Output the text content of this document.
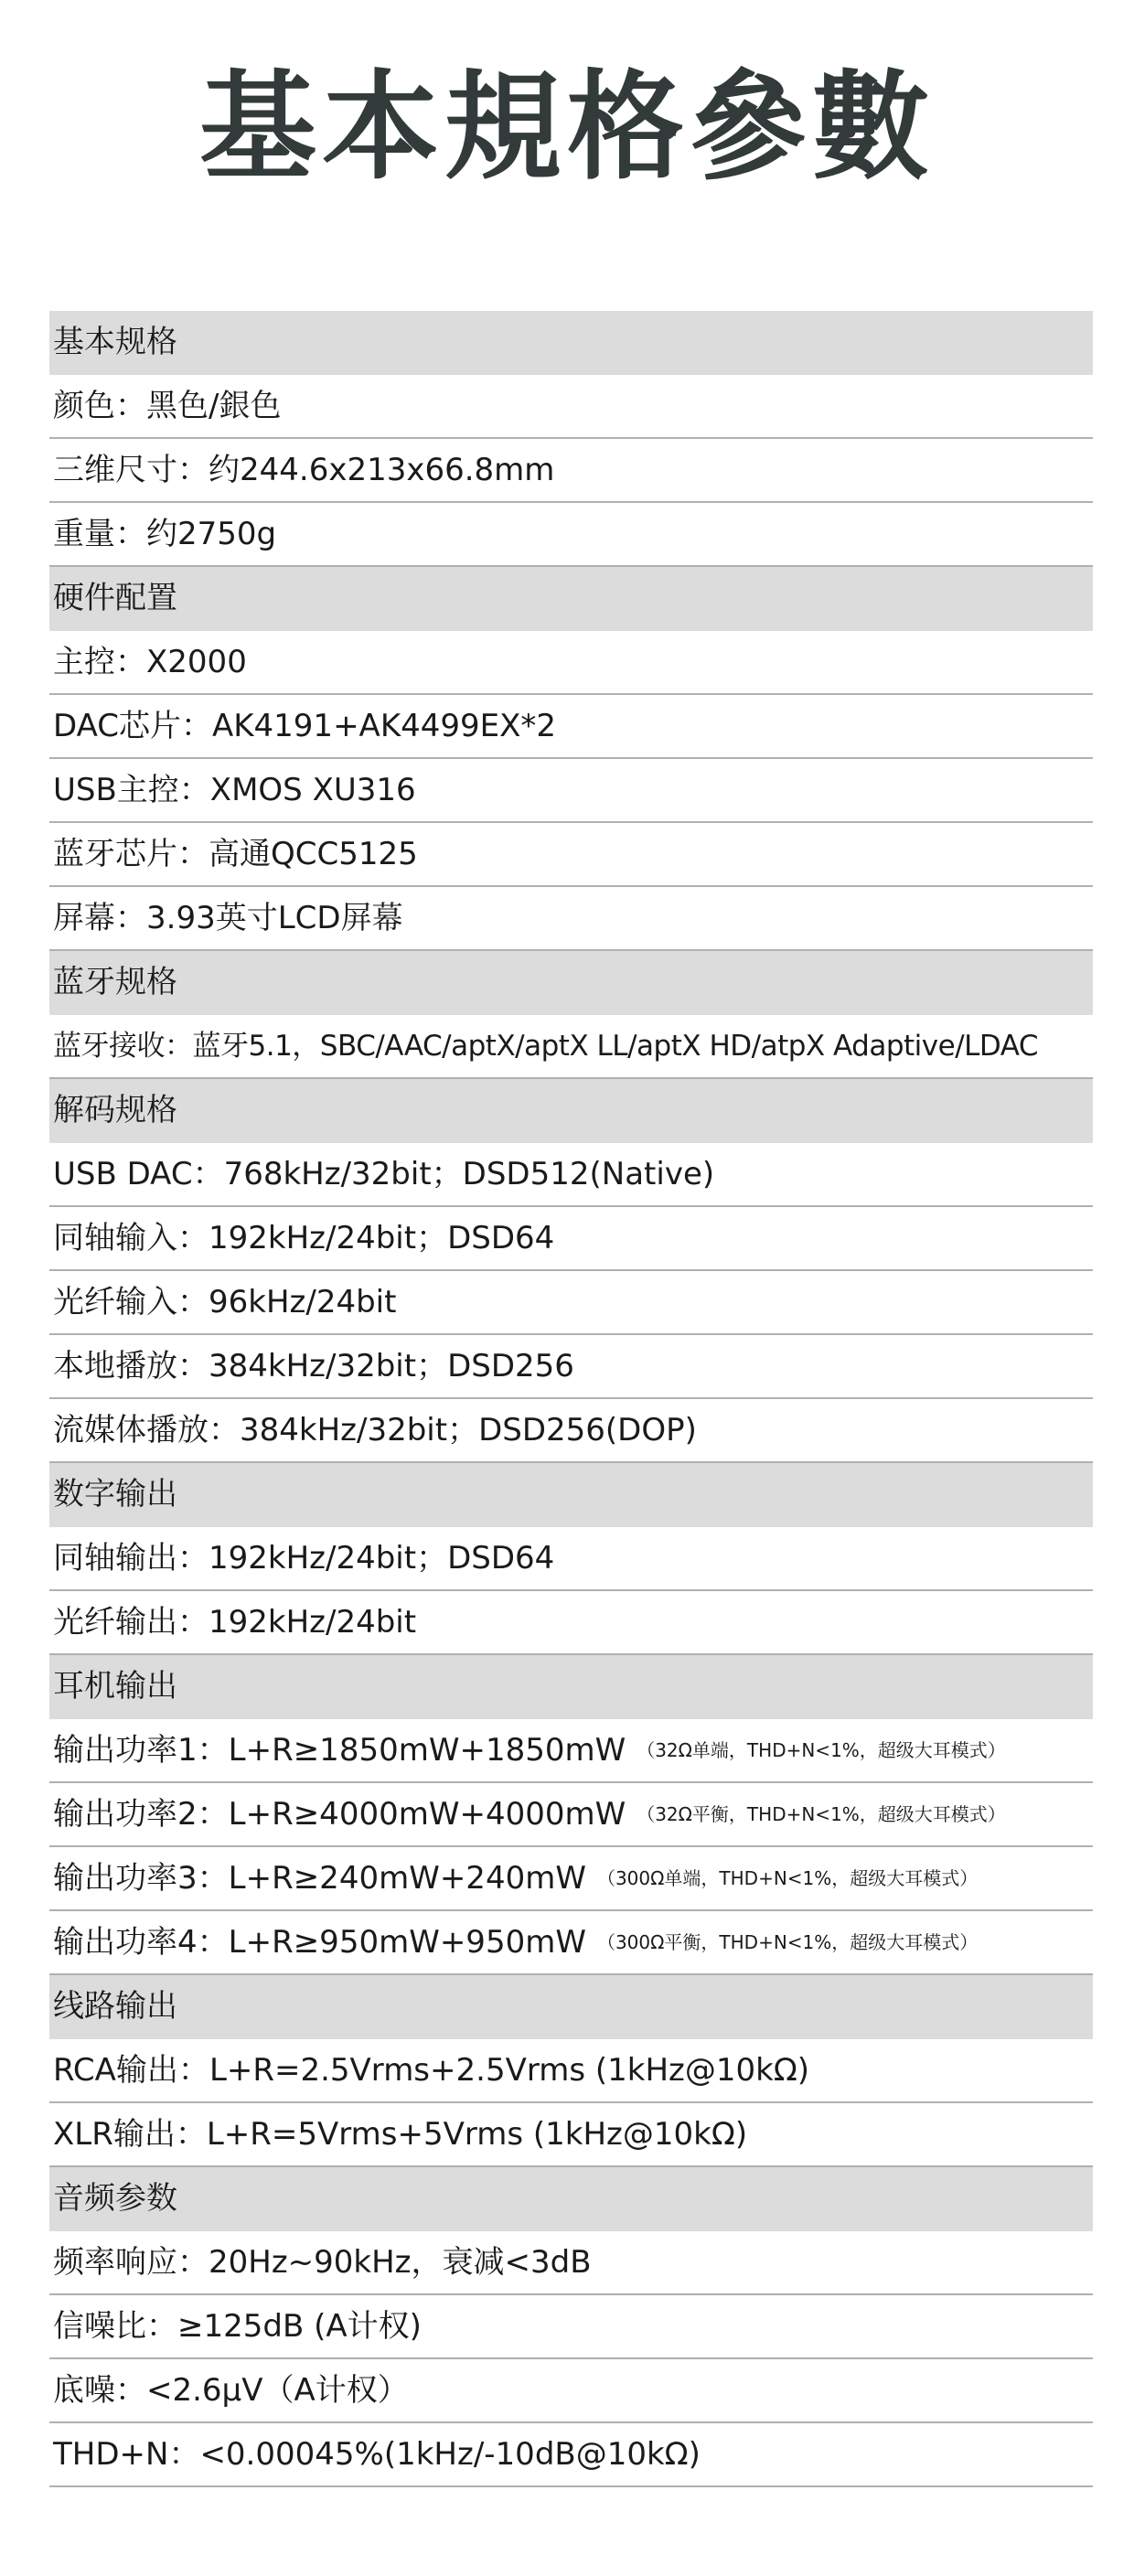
基本規格參數
基本规格
颜色： 黑色/銀色
三维尺寸： 约244.6x213x66.8mm
重量： 约2750g
硬件配置
主控： X2000
DAC芯片： AK4191+AK4499EX*2
USB主控： XMOS XU316
蓝牙芯片： 高通QCC5125
屏幕： 3.93英寸LCD屏幕
蓝牙规格
蓝牙接收： 蓝牙5.1，SBC/AAC/aptX/aptX LL/aptX HD/atpX Adaptive/LDAC
解码规格
USB DAC： 768kHz/32bit；DSD512(Native)
同轴输入： 192kHz/24bit；DSD64
光纤输入： 96kHz/24bit
本地播放： 384kHz/32bit；DSD256
流媒体播放： 384kHz/32bit；DSD256(DOP)
数字输出
同轴输出： 192kHz/24bit；DSD64
光纤输出： 192kHz/24bit
耳机输出
输出功率1： L+R≥1850mW+1850mW （32Ω单端，THD+N<1%，超级大耳模式）
输出功率2： L+R≥4000mW+4000mW （32Ω平衡，THD+N<1%，超级大耳模式）
输出功率3： L+R≥240mW+240mW （300Ω单端，THD+N<1%，超级大耳模式）
输出功率4： L+R≥950mW+950mW （300Ω平衡，THD+N<1%，超级大耳模式）
线路输出
RCA输出： L+R=2.5Vrms+2.5Vrms (1kHz@10kΩ)
XLR输出： L+R=5Vrms+5Vrms (1kHz@10kΩ)
音频参数
频率响应： 20Hz~90kHz，衰减<3dB
信噪比： ≥125dB (A计权)
底噪： <2.6μV（A计权）
THD+N： <0.00045%(1kHz/-10dB@10kΩ)
